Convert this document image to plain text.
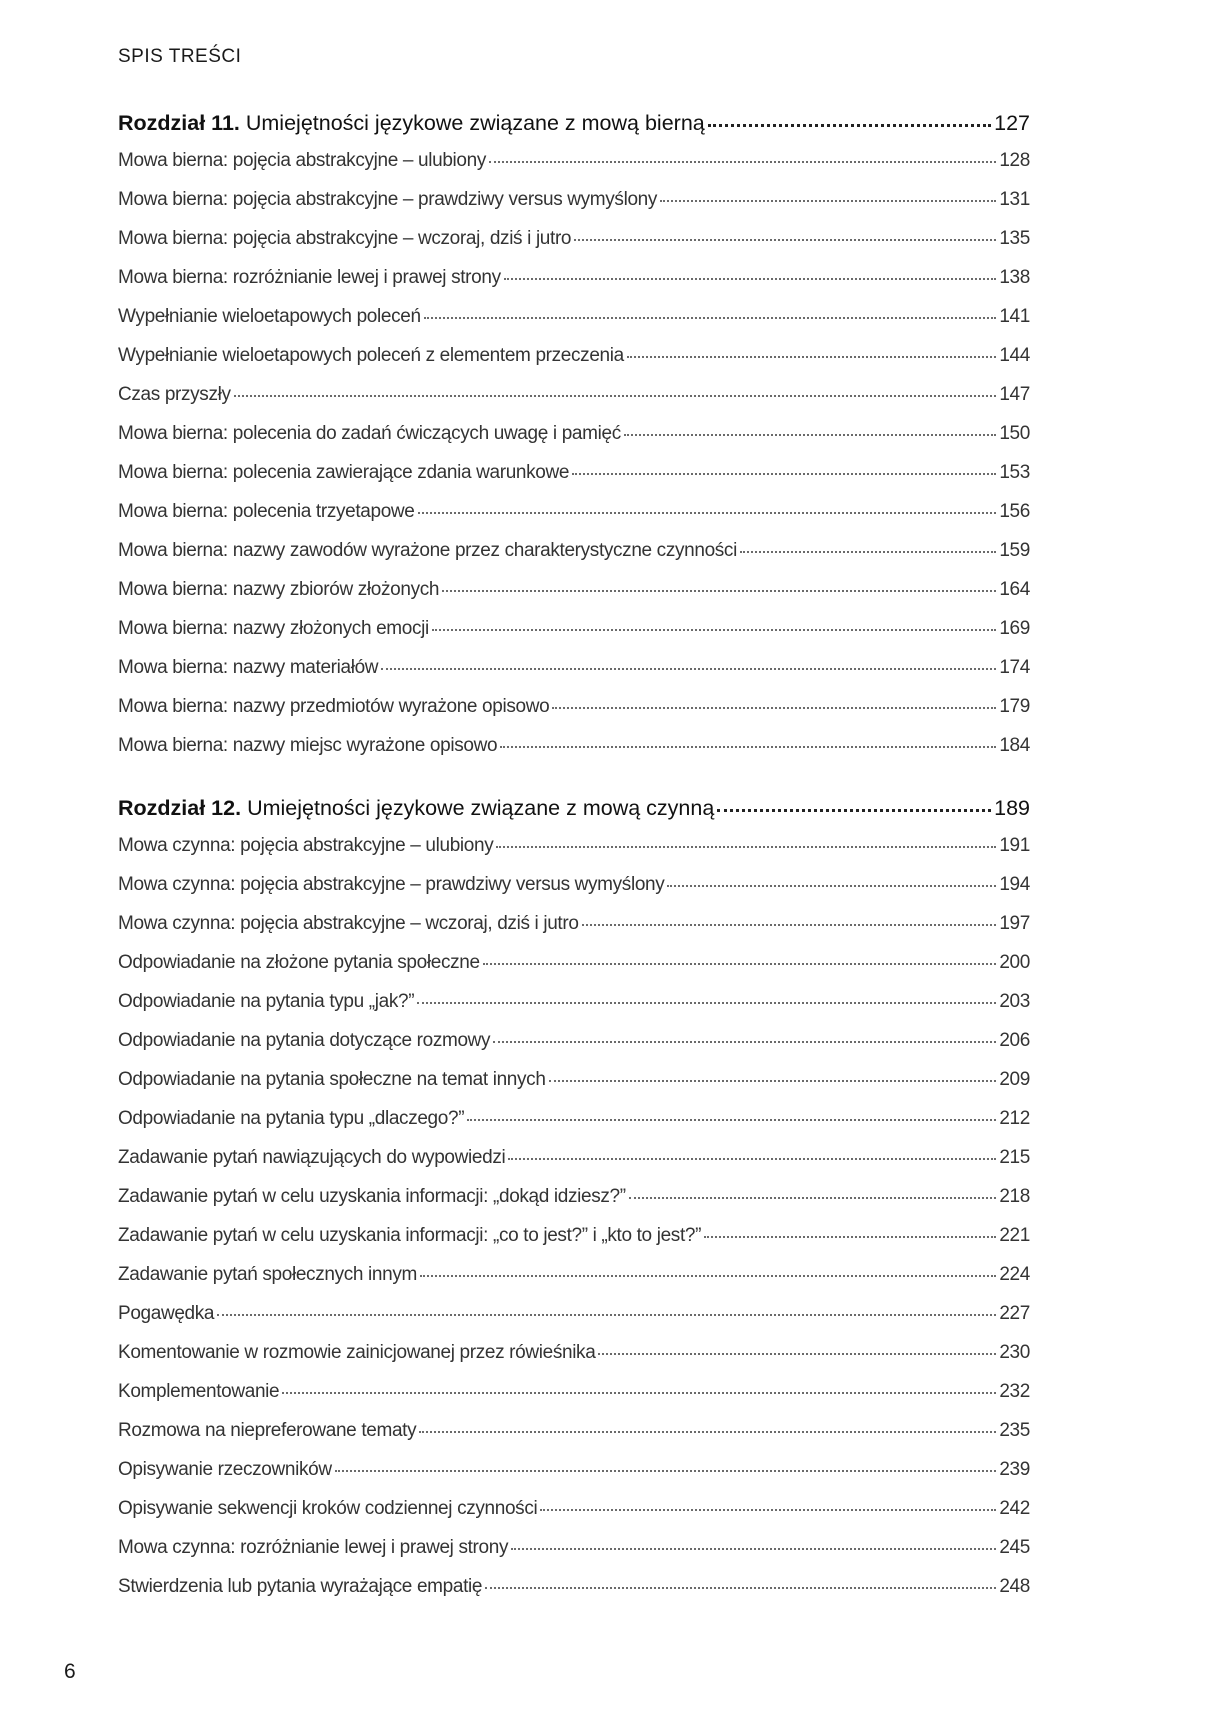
SPIS TREŚCI
Rozdział 11. Umiejętności językowe związane z mową bierną	127
Mowa bierna: pojęcia abstrakcyjne – ulubiony	128
Mowa bierna: pojęcia abstrakcyjne – prawdziwy versus wymyślony	131
Mowa bierna: pojęcia abstrakcyjne – wczoraj, dziś i jutro	135
Mowa bierna: rozróżnianie lewej i prawej strony	138
Wypełnianie wieloetapowych poleceń	141
Wypełnianie wieloetapowych poleceń z elementem przeczenia	144
Czas przyszły	147
Mowa bierna: polecenia do zadań ćwiczących uwagę i pamięć	150
Mowa bierna: polecenia zawierające zdania warunkowe	153
Mowa bierna: polecenia trzyetapowe	156
Mowa bierna: nazwy zawodów wyrażone przez charakterystyczne czynności	159
Mowa bierna: nazwy zbiorów złożonych	164
Mowa bierna: nazwy złożonych emocji	169
Mowa bierna: nazwy materiałów	174
Mowa bierna: nazwy przedmiotów wyrażone opisowo	179
Mowa bierna: nazwy miejsc wyrażone opisowo	184
Rozdział 12. Umiejętności językowe związane z mową czynną	189
Mowa czynna: pojęcia abstrakcyjne – ulubiony	191
Mowa czynna: pojęcia abstrakcyjne – prawdziwy versus wymyślony	194
Mowa czynna: pojęcia abstrakcyjne – wczoraj, dziś i jutro	197
Odpowiadanie na złożone pytania społeczne	200
Odpowiadanie na pytania typu „jak?”	203
Odpowiadanie na pytania dotyczące rozmowy	206
Odpowiadanie na pytania społeczne na temat innych	209
Odpowiadanie na pytania typu „dlaczego?”	212
Zadawanie pytań nawiązujących do wypowiedzi	215
Zadawanie pytań w celu uzyskania informacji: „dokąd idziesz?”	218
Zadawanie pytań w celu uzyskania informacji: „co to jest?” i „kto to jest?”	221
Zadawanie pytań społecznych innym	224
Pogawędka	227
Komentowanie w rozmowie zainicjowanej przez rówieśnika	230
Komplementowanie	232
Rozmowa na niepreferowane tematy	235
Opisywanie rzeczowników	239
Opisywanie sekwencji kroków codziennej czynności	242
Mowa czynna: rozróżnianie lewej i prawej strony	245
Stwierdzenia lub pytania wyrażające empatię	248
6
